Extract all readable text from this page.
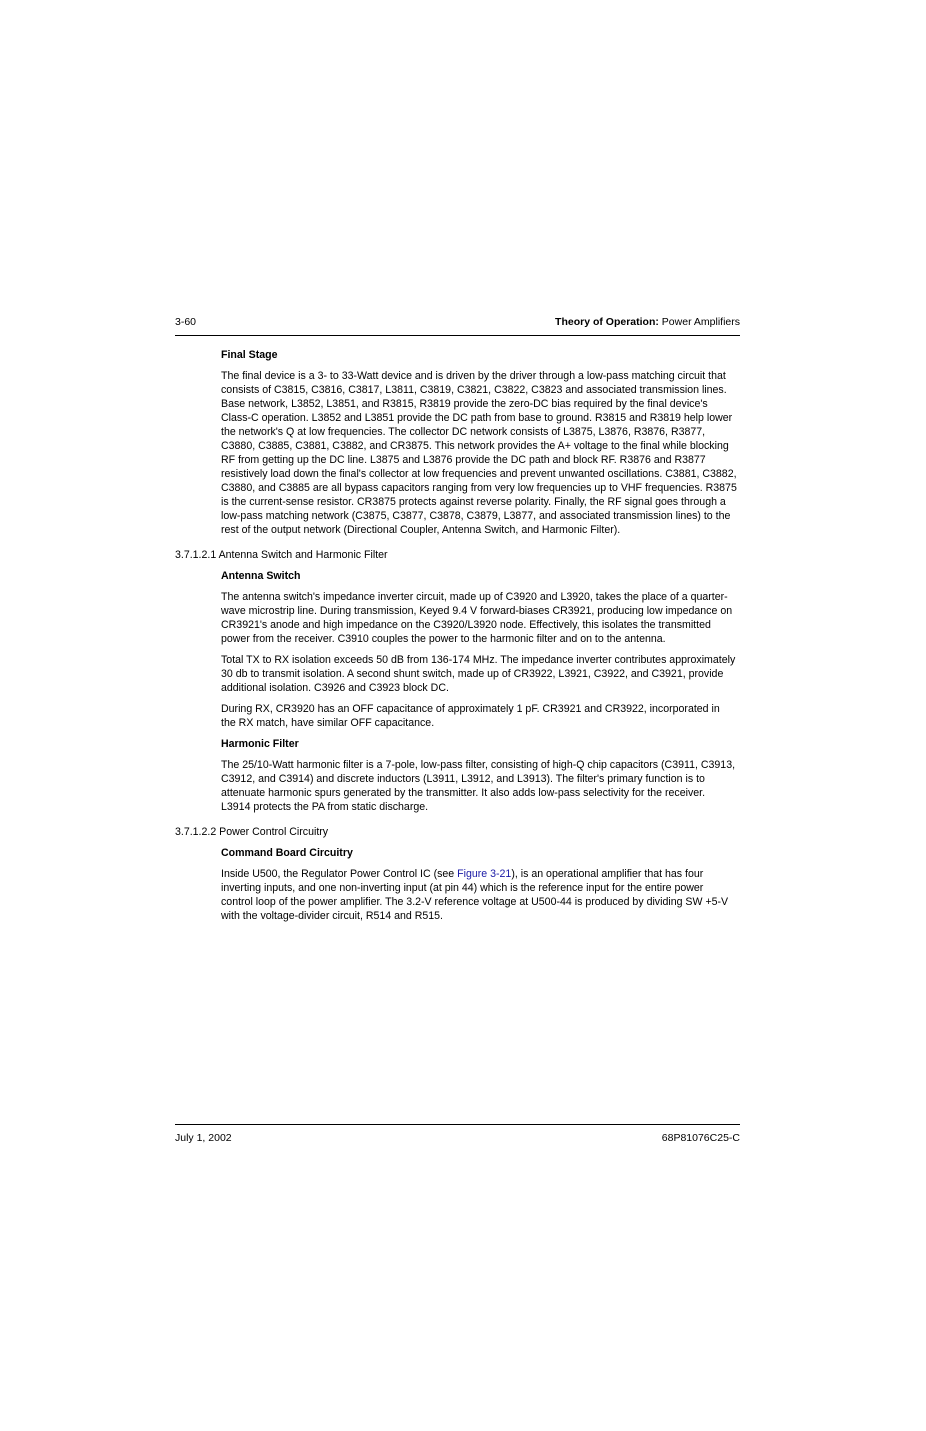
3-60	Theory of Operation: Power Amplifiers
Final Stage
The final device is a 3- to 33-Watt device and is driven by the driver through a low-pass matching circuit that consists of C3815, C3816, C3817, L3811, C3819, C3821, C3822, C3823 and associated transmission lines. Base network, L3852, L3851, and R3815, R3819 provide the zero-DC bias required by the final device's Class-C operation. L3852 and L3851 provide the DC path from base to ground. R3815 and R3819 help lower the network's Q at low frequencies. The collector DC network consists of L3875, L3876, R3876, R3877, C3880, C3885, C3881, C3882, and CR3875. This network provides the A+ voltage to the final while blocking RF from getting up the DC line. L3875 and L3876 provide the DC path and block RF. R3876 and R3877 resistively load down the final's collector at low frequencies and prevent unwanted oscillations. C3881, C3882, C3880, and C3885 are all bypass capacitors ranging from very low frequencies up to VHF frequencies. R3875 is the current-sense resistor. CR3875 protects against reverse polarity. Finally, the RF signal goes through a low-pass matching network (C3875, C3877, C3878, C3879, L3877, and associated transmission lines) to the rest of the output network (Directional Coupler, Antenna Switch, and Harmonic Filter).
3.7.1.2.1 Antenna Switch and Harmonic Filter
Antenna Switch
The antenna switch's impedance inverter circuit, made up of C3920 and L3920, takes the place of a quarter-wave microstrip line. During transmission, Keyed 9.4 V forward-biases CR3921, producing low impedance on CR3921's anode and high impedance on the C3920/L3920 node. Effectively, this isolates the transmitted power from the receiver. C3910 couples the power to the harmonic filter and on to the antenna.
Total TX to RX isolation exceeds 50 dB from 136-174 MHz. The impedance inverter contributes approximately 30 db to transmit isolation. A second shunt switch, made up of CR3922, L3921, C3922, and C3921, provide additional isolation. C3926 and C3923 block DC.
During RX, CR3920 has an OFF capacitance of approximately 1 pF. CR3921 and CR3922, incorporated in the RX match, have similar OFF capacitance.
Harmonic Filter
The 25/10-Watt harmonic filter is a 7-pole, low-pass filter, consisting of high-Q chip capacitors (C3911, C3913, C3912, and C3914) and discrete inductors (L3911, L3912, and L3913). The filter's primary function is to attenuate harmonic spurs generated by the transmitter. It also adds low-pass selectivity for the receiver. L3914 protects the PA from static discharge.
3.7.1.2.2 Power Control Circuitry
Command Board Circuitry
Inside U500, the Regulator Power Control IC (see Figure 3-21), is an operational amplifier that has four inverting inputs, and one non-inverting input (at pin 44) which is the reference input for the entire power control loop of the power amplifier. The 3.2-V reference voltage at U500-44 is produced by dividing SW +5-V with the voltage-divider circuit, R514 and R515.
July 1, 2002	68P81076C25-C
